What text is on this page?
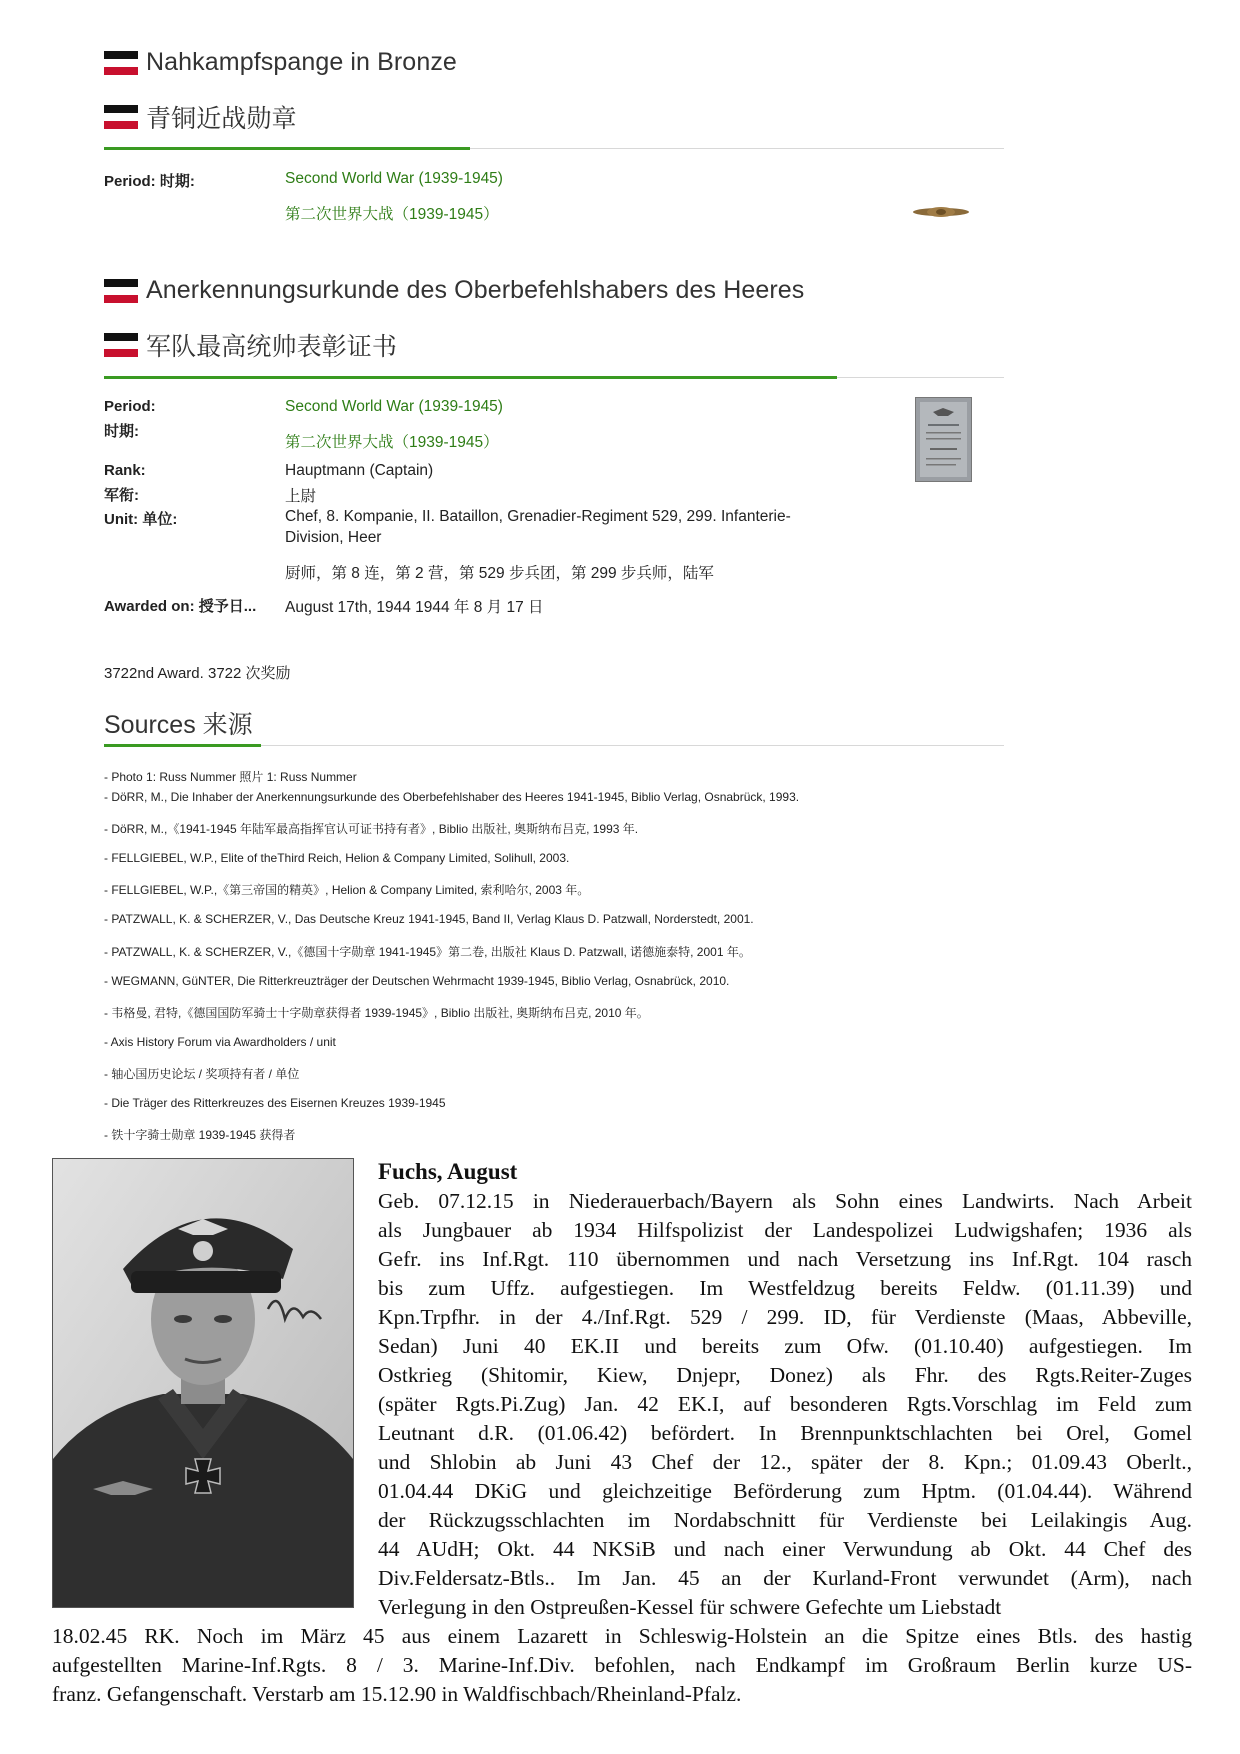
Nahkampfspange in Bronze
青铜近战勋章
Period: 时期:	Second World War (1939-1945)
第二次世界大战（1939-1945）
Anerkennungsurkunde des Oberbefehlshabers des Heeres
军队最高统帅表彰证书
Period:
时期:
Second World War (1939-1945)
第二次世界大战（1939-1945）
Rank:
军衔:
Hauptmann (Captain)
上尉
Unit: 单位:	Chef, 8. Kompanie, II. Bataillon, Grenadier-Regiment 529, 299. Infanterie-
Division, Heer
厨师，第 8 连，第 2 营，第 529 步兵团，第 299 步兵师，陆军
Awarded on: 授予日... August 17th, 1944 1944 年 8 月 17 日
3722nd Award. 3722 次奖励
Sources 来源
- Photo 1: Russ Nummer 照片 1: Russ Nummer
- DöRR, M., Die Inhaber der Anerkennungsurkunde des Oberbefehlshaber des Heeres 1941-1945, Biblio Verlag, Osnabrück, 1993.
- DöRR, M.,《1941-1945 年陆军最高指挥官认可证书持有者》, Biblio 出版社, 奥斯纳布吕克, 1993 年.
- FELLGIEBEL, W.P., Elite of theThird Reich, Helion & Company Limited, Solihull, 2003.
- FELLGIEBEL, W.P.,《第三帝国的精英》, Helion & Company Limited, 索利哈尔, 2003 年。
- PATZWALL, K. & SCHERZER, V., Das Deutsche Kreuz 1941-1945, Band II, Verlag Klaus D. Patzwall, Norderstedt, 2001.
- PATZWALL, K. & SCHERZER, V.,《德国十字勋章 1941-1945》第二卷, 出版社 Klaus D. Patzwall, 诺德施泰特, 2001 年。
- WEGMANN, GüNTER, Die Ritterkreuzträger der Deutschen Wehrmacht 1939-1945, Biblio Verlag, Osnabrück, 2010.
- 韦格曼, 君特,《德国国防军骑士十字勋章获得者 1939-1945》, Biblio 出版社, 奥斯纳布吕克, 2010 年。
- Axis History Forum via Awardholders / unit
- 轴心国历史论坛 / 奖项持有者 / 单位
- Die Träger des Ritterkreuzes des Eisernen Kreuzes 1939-1945
- 铁十字骑士勋章 1939-1945 获得者
Fuchs, August
Geb. 07.12.15 in Niederauerbach/Bayern als Sohn eines Landwirts. Nach Arbeit
als Jungbauer ab 1934 Hilfspolizist der Landespolizei Ludwigshafen; 1936 als
Gefr. ins Inf.Rgt. 110 übernommen und nach Versetzung ins Inf.Rgt. 104 rasch
bis zum Uffz. aufgestiegen. Im Westfeldzug bereits Feldw. (01.11.39) und
Kpn.Trpfhr. in der 4./Inf.Rgt. 529 / 299. ID, für Verdienste (Maas, Abbeville,
Sedan) Juni 40 EK.II und bereits zum Ofw. (01.10.40) aufgestiegen. Im
Ostkrieg (Shitomir, Kiew, Dnjepr, Donez) als Fhr. des Rgts.Reiter-Zuges
(später Rgts.Pi.Zug) Jan. 42 EK.I, auf besonderen Rgts.Vorschlag im Feld zum
Leutnant d.R. (01.06.42) befördert. In Brennpunktschlachten bei Orel, Gomel
und Shlobin ab Juni 43 Chef der 12., später der 8. Kpn.; 01.09.43 Oberlt.,
01.04.44 DKiG und gleichzeitige Beförderung zum Hptm. (01.04.44). Während
der Rückzugsschlachten im Nordabschnitt für Verdienste bei Leilakingis Aug.
44 AUdH; Okt. 44 NKSiB und nach einer Verwundung ab Okt. 44 Chef des
Div.Feldersatz-Btls.. Im Jan. 45 an der Kurland-Front verwundet (Arm), nach
Verlegung in den Ostpreußen-Kessel für schwere Gefechte um Liebstadt
18.02.45 RK. Noch im März 45 aus einem Lazarett in Schleswig-Holstein an die Spitze eines Btls. des hastig
aufgestellten Marine-Inf.Rgts. 8 / 3. Marine-Inf.Div. befohlen, nach Endkampf im Großraum Berlin kurze US-
franz. Gefangenschaft. Verstarb am 15.12.90 in Waldfischbach/Rheinland-Pfalz.
